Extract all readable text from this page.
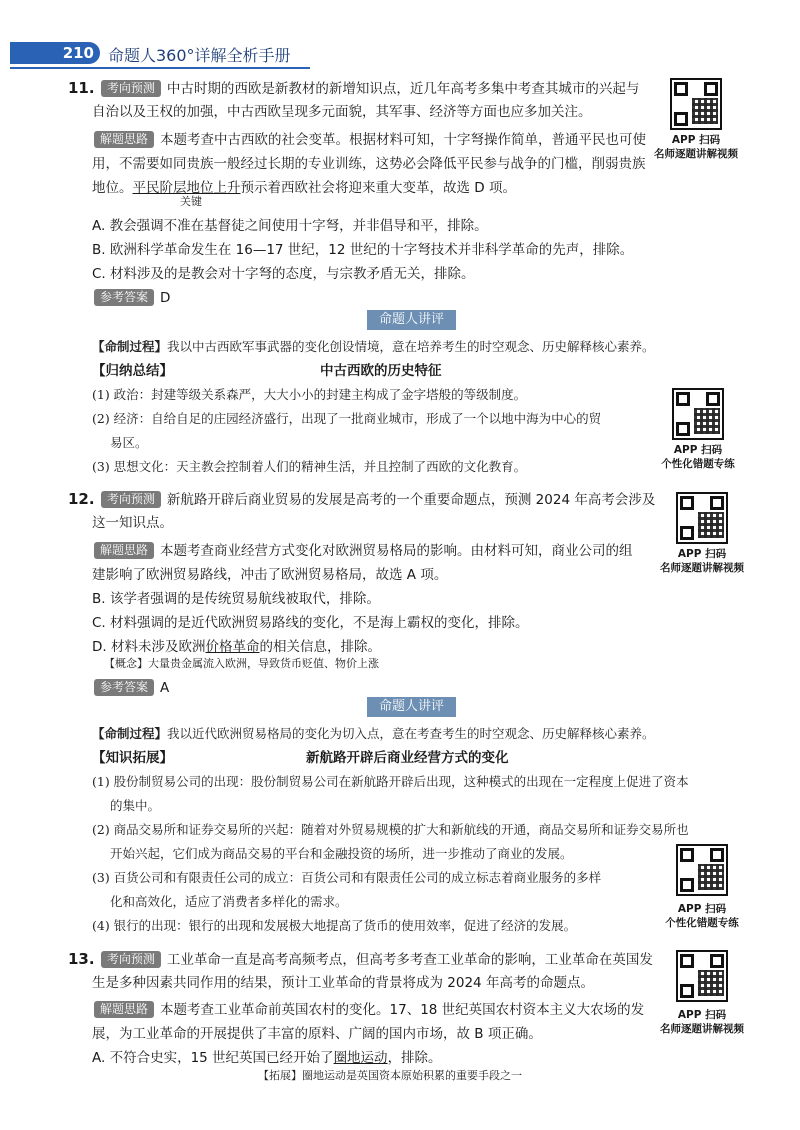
210 命题人360°详解全析手册
11. 考向预测 中古时期的西欧是新教材的新增知识点，近几年高考多集中考查其城市的兴起与
自治以及王权的加强，中古西欧呈现多元面貌，其军事、经济等方面也应多加关注。
解题思路 本题考查中古西欧的社会变革。根据材料可知，十字弩操作简单，普通平民也可使
用，不需要如同贵族一般经过长期的专业训练，这势必会降低平民参与战争的门槛，削弱贵族
地位。平民阶层地位上升预示着西欧社会将迎来重大变革，故选 D 项。
关键
A. 教会强调不准在基督徒之间使用十字弩，并非倡导和平，排除。
B. 欧洲科学革命发生在 16—17 世纪，12 世纪的十字弩技术并非科学革命的先声，排除。
C. 材料涉及的是教会对十字弩的态度，与宗教矛盾无关，排除。
参考答案 D
命题人讲评
【命制过程】我以中古西欧军事武器的变化创设情境，意在培养考生的时空观念、历史解释核心素养。
【归纳总结】	中古西欧的历史特征
(1) 政治：封建等级关系森严，大大小小的封建主构成了金字塔般的等级制度。
(2) 经济：自给自足的庄园经济盛行，出现了一批商业城市，形成了一个以地中海为中心的贸
易区。
(3) 思想文化：天主教会控制着人们的精神生活，并且控制了西欧的文化教育。
12. 考向预测 新航路开辟后商业贸易的发展是高考的一个重要命题点，预测 2024 年高考会涉及
这一知识点。
解题思路 本题考查商业经营方式变化对欧洲贸易格局的影响。由材料可知，商业公司的组
建影响了欧洲贸易路线，冲击了欧洲贸易格局，故选 A 项。
B. 该学者强调的是传统贸易航线被取代，排除。
C. 材料强调的是近代欧洲贸易路线的变化，不是海上霸权的变化，排除。
D. 材料未涉及欧洲价格革命的相关信息，排除。
【概念】大量贵金属流入欧洲，导致货币贬值、物价上涨
参考答案 A
命题人讲评
【命制过程】我以近代欧洲贸易格局的变化为切入点，意在考查考生的时空观念、历史解释核心素养。
【知识拓展】	新航路开辟后商业经营方式的变化
(1) 股份制贸易公司的出现：股份制贸易公司在新航路开辟后出现，这种模式的出现在一定程度上促进了资本
的集中。
(2) 商品交易所和证券交易所的兴起：随着对外贸易规模的扩大和新航线的开通，商品交易所和证券交易所也
开始兴起，它们成为商品交易的平台和金融投资的场所，进一步推动了商业的发展。
(3) 百货公司和有限责任公司的成立：百货公司和有限责任公司的成立标志着商业服务的多样
化和高效化，适应了消费者多样化的需求。
(4) 银行的出现：银行的出现和发展极大地提高了货币的使用效率，促进了经济的发展。
13. 考向预测 工业革命一直是高考高频考点，但高考多考查工业革命的影响，工业革命在英国发
生是多种因素共同作用的结果，预计工业革命的背景将成为 2024 年高考的命题点。
解题思路 本题考查工业革命前英国农村的变化。17、18 世纪英国农村资本主义大农场的发
展，为工业革命的开展提供了丰富的原料、广阔的国内市场，故 B 项正确。
A. 不符合史实，15 世纪英国已经开始了圈地运动，排除。
【拓展】圈地运动是英国资本原始积累的重要手段之一
APP 扫码
名师逐题讲解视频
APP 扫码
个性化错题专练
APP 扫码
名师逐题讲解视频
APP 扫码
个性化错题专练
APP 扫码
名师逐题讲解视频
